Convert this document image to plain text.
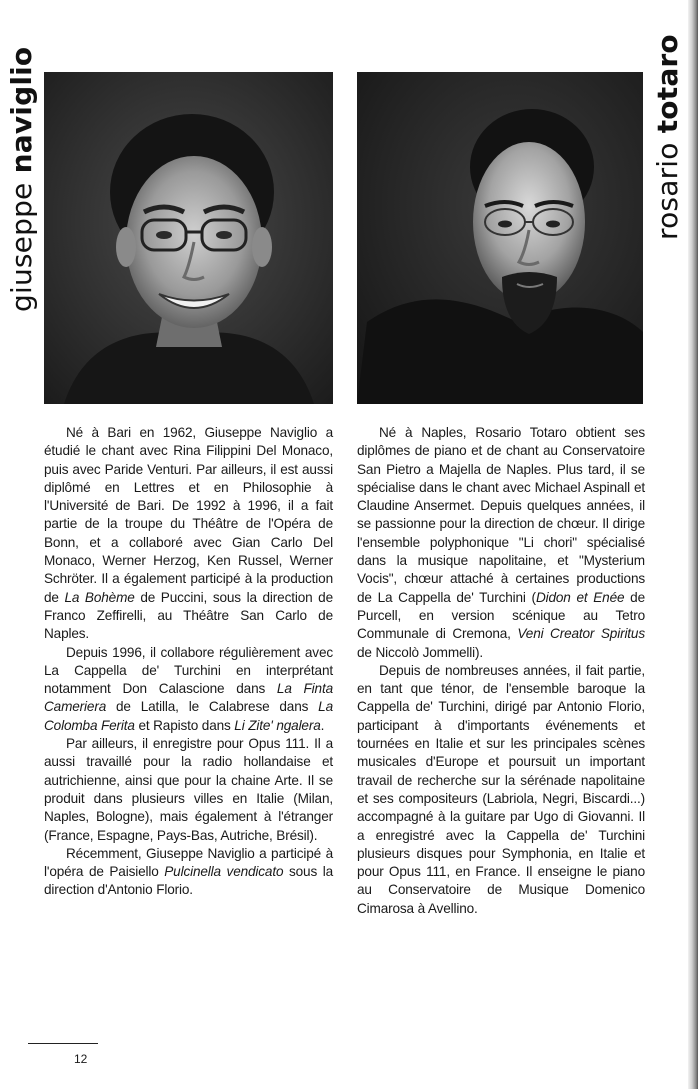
giuseppe naviglio
rosario totaro

Né à Bari en 1962, Giuseppe Naviglio a étudié le chant avec Rina Filippini Del Monaco, puis avec Paride Venturi. Par ailleurs, il est aussi diplômé en Lettres et en Philosophie à l'Université de Bari. De 1992 à 1996, il a fait partie de la troupe du Théâtre de l'Opéra de Bonn, et a collaboré avec Gian Carlo Del Monaco, Werner Herzog, Ken Russel, Werner Schröter. Il a également participé à la production de La Bohème de Puccini, sous la direction de Franco Zeffirelli, au Théâtre San Carlo de Naples.

Depuis 1996, il collabore régulièrement avec La Cappella de' Turchini en interprétant notamment Don Calascione dans La Finta Cameriera de Latilla, le Calabrese dans La Colomba Ferita et Rapisto dans Li Zite' ngalera.

Par ailleurs, il enregistre pour Opus 111. Il a aussi travaillé pour la radio hollandaise et autrichienne, ainsi que pour la chaine Arte. Il se produit dans plusieurs villes en Italie (Milan, Naples, Bologne), mais également à l'étranger (France, Espagne, Pays-Bas, Autriche, Brésil).

Récemment, Giuseppe Naviglio a participé à l'opéra de Paisiello Pulcinella vendicato sous la direction d'Antonio Florio.

Né à Naples, Rosario Totaro obtient ses diplômes de piano et de chant au Conservatoire San Pietro a Majella de Naples. Plus tard, il se spécialise dans le chant avec Michael Aspinall et Claudine Ansermet. Depuis quelques années, il se passionne pour la direction de chœur. Il dirige l'ensemble polyphonique "Li chori" spécialisé dans la musique napolitaine, et "Mysterium Vocis", chœur attaché à certaines productions de La Cappella de' Turchini (Didon et Enée de Purcell, en version scénique au Tetro Communale di Cremona, Veni Creator Spiritus de Niccolò Jommelli).

Depuis de nombreuses années, il fait partie, en tant que ténor, de l'ensemble baroque la Cappella de' Turchini, dirigé par Antonio Florio, participant à d'importants événements et tournées en Italie et sur les principales scènes musicales d'Europe et poursuit un important travail de recherche sur la sérénade napolitaine et ses compositeurs (Labriola, Negri, Biscardi...) accompagné à la guitare par Ugo di Giovanni. Il a enregistré avec la Cappella de' Turchini plusieurs disques pour Symphonia, en Italie et pour Opus 111, en France. Il enseigne le piano au Conservatoire de Musique Domenico Cimarosa à Avellino.

12
